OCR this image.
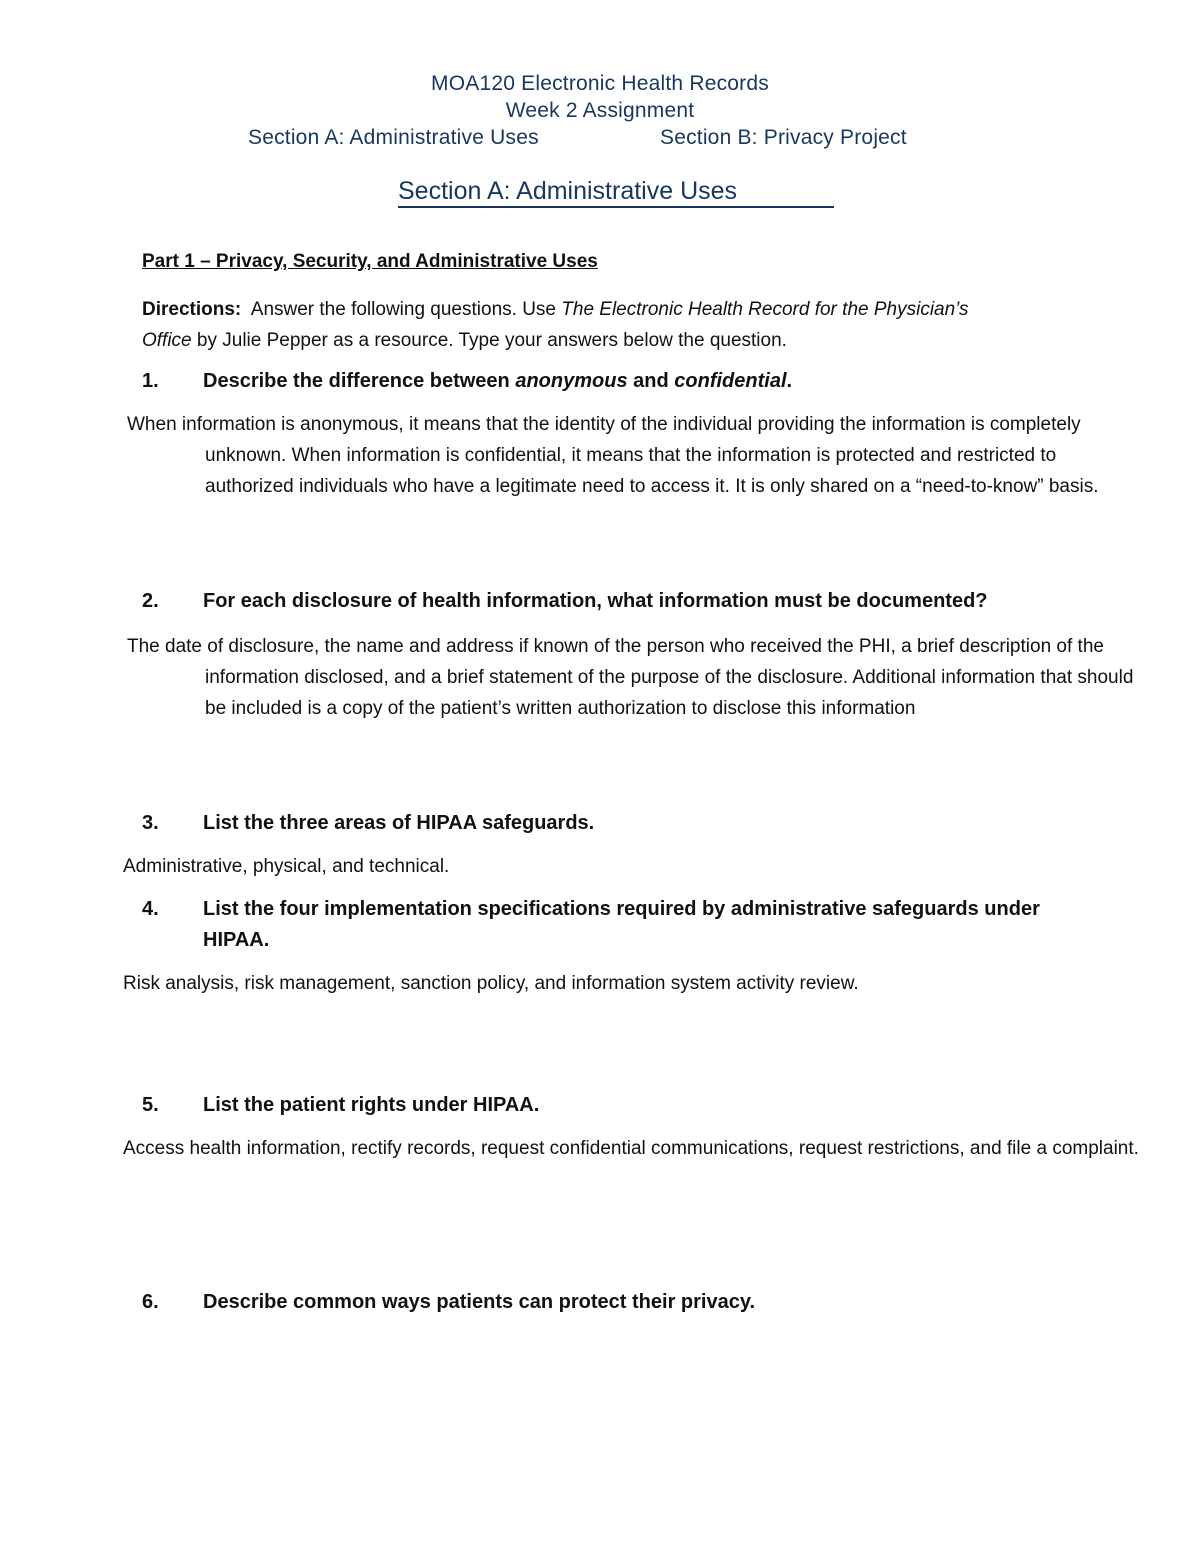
MOA120 Electronic Health Records
Week 2 Assignment
Section A: Administrative Uses	Section B: Privacy Project
Section A: Administrative Uses
Part 1 – Privacy, Security, and Administrative Uses
Directions: Answer the following questions. Use The Electronic Health Record for the Physician’s Office by Julie Pepper as a resource. Type your answers below the question.
1. Describe the difference between anonymous and confidential.
When information is anonymous, it means that the identity of the individual providing the information is completely unknown. When information is confidential, it means that the information is protected and restricted to authorized individuals who have a legitimate need to access it. It is only shared on a “need-to-know” basis.
2. For each disclosure of health information, what information must be documented?
The date of disclosure, the name and address if known of the person who received the PHI, a brief description of the information disclosed, and a brief statement of the purpose of the disclosure. Additional information that should be included is a copy of the patient’s written authorization to disclose this information
3. List the three areas of HIPAA safeguards.
Administrative, physical, and technical.
4. List the four implementation specifications required by administrative safeguards under HIPAA.
Risk analysis, risk management, sanction policy, and information system activity review.
5. List the patient rights under HIPAA.
Access health information, rectify records, request confidential communications, request restrictions, and file a complaint.
6. Describe common ways patients can protect their privacy.
